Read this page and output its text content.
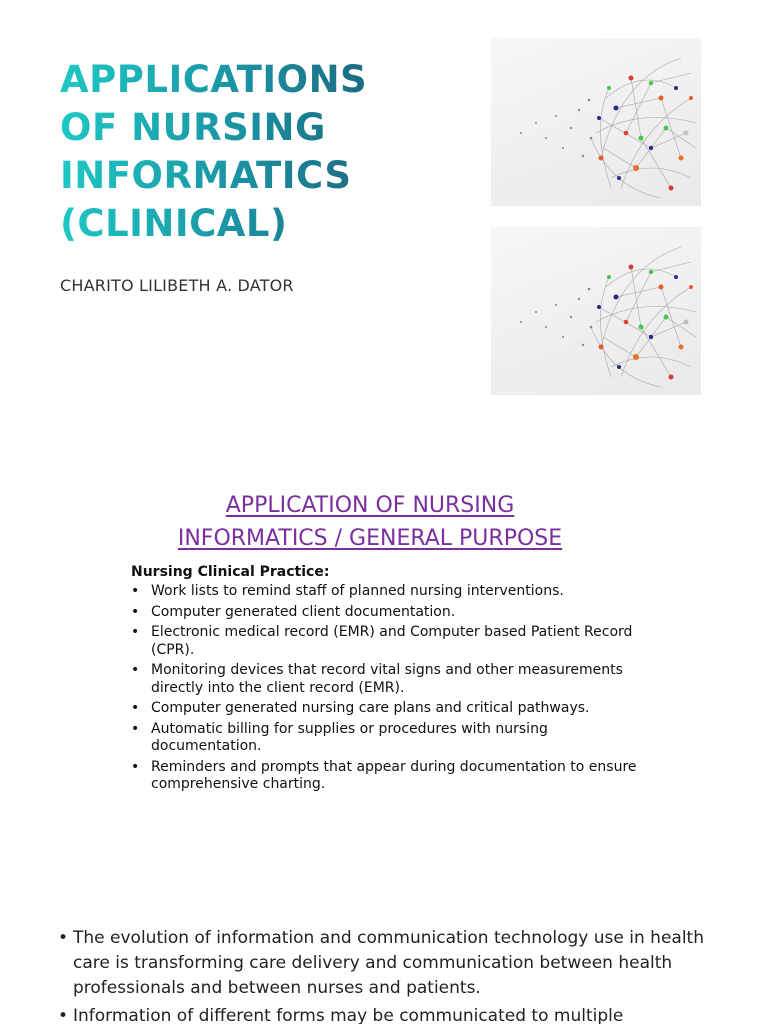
APPLICATIONS
OF NURSING
INFORMATICS
(CLINICAL)
CHARITO LILIBETH A. DATOR
APPLICATION OF NURSING
INFORMATICS / GENERAL PURPOSE
Nursing Clinical Practice:
• Work lists to remind staff of planned nursing interventions.
• Computer generated client documentation.
• Electronic medical record (EMR) and Computer based Patient Record (CPR).
• Monitoring devices that record vital signs and other measurements directly into the client record (EMR).
• Computer generated nursing care plans and critical pathways.
• Automatic billing for supplies or procedures with nursing documentation.
• Reminders and prompts that appear during documentation to ensure comprehensive charting.
• The evolution of information and communication technology use in health care is transforming care delivery and communication between health professionals and between nurses and patients.
• Information of different forms may be communicated to multiple
